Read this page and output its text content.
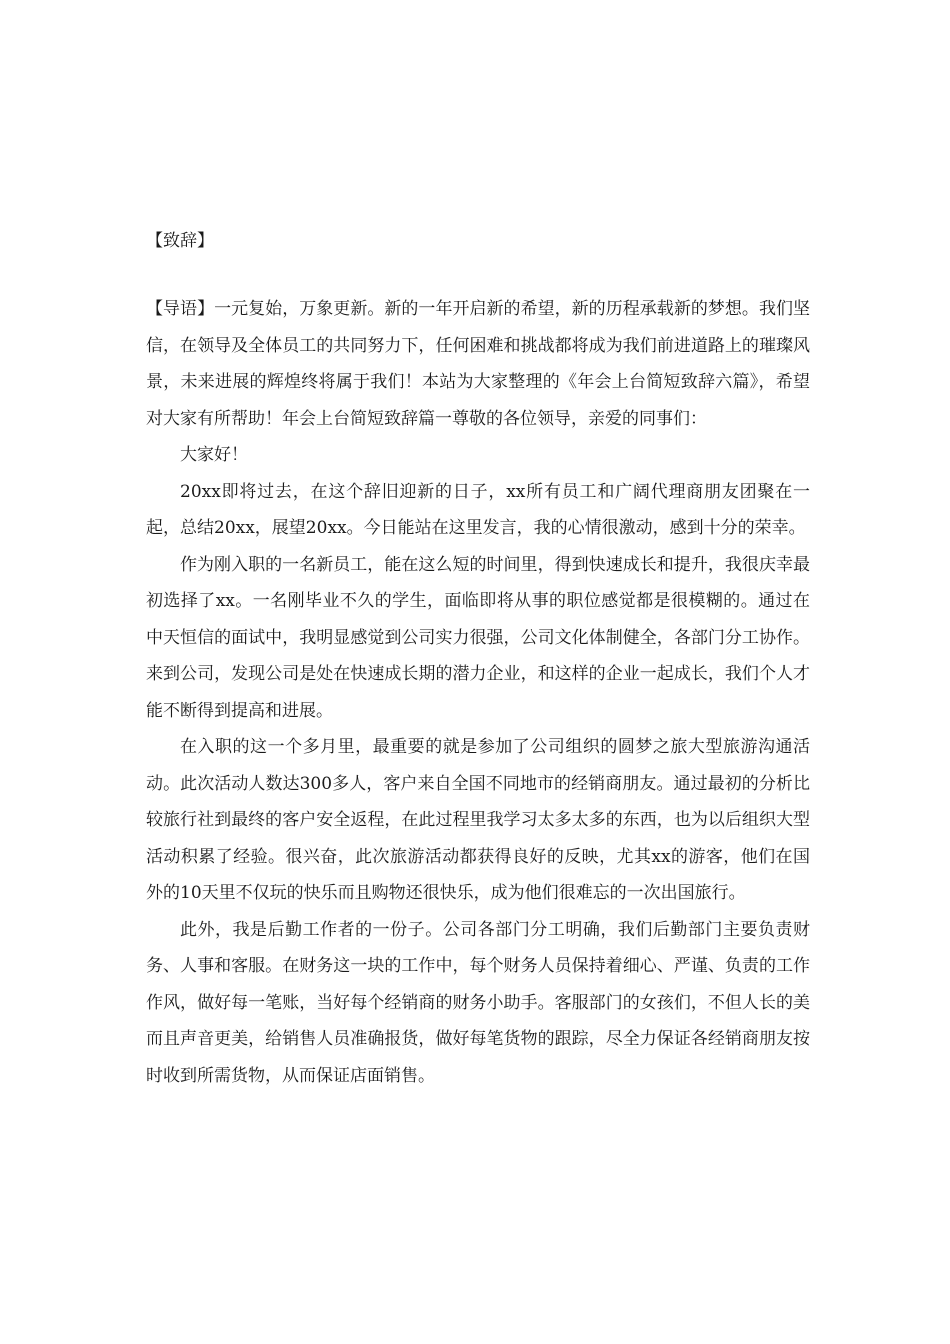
【致辞】

【导语】一元复始，万象更新。新的一年开启新的希望，新的历程承载新的梦想。我们坚信，在领导及全体员工的共同努力下，任何困难和挑战都将成为我们前进道路上的璀璨风景，未来进展的辉煌终将属于我们！本站为大家整理的《年会上台简短致辞六篇》，希望对大家有所帮助！年会上台简短致辞篇一尊敬的各位领导，亲爱的同事们：

大家好！

20xx即将过去，在这个辞旧迎新的日子，xx所有员工和广阔代理商朋友团聚在一起，总结20xx，展望20xx。今日能站在这里发言，我的心情很激动，感到十分的荣幸。

作为刚入职的一名新员工，能在这么短的时间里，得到快速成长和提升，我很庆幸最初选择了xx。一名刚毕业不久的学生，面临即将从事的职位感觉都是很模糊的。通过在中天恒信的面试中，我明显感觉到公司实力很强，公司文化体制健全，各部门分工协作。来到公司，发现公司是处在快速成长期的潜力企业，和这样的企业一起成长，我们个人才能不断得到提高和进展。

在入职的这一个多月里，最重要的就是参加了公司组织的圆梦之旅大型旅游沟通活动。此次活动人数达300多人，客户来自全国不同地市的经销商朋友。通过最初的分析比较旅行社到最终的客户安全返程，在此过程里我学习太多太多的东西，也为以后组织大型活动积累了经验。很兴奋，此次旅游活动都获得良好的反映，尤其xx的游客，他们在国外的10天里不仅玩的快乐而且购物还很快乐，成为他们很难忘的一次出国旅行。

此外，我是后勤工作者的一份子。公司各部门分工明确，我们后勤部门主要负责财务、人事和客服。在财务这一块的工作中，每个财务人员保持着细心、严谨、负责的工作作风，做好每一笔账，当好每个经销商的财务小助手。客服部门的女孩们，不但人长的美而且声音更美，给销售人员准确报货，做好每笔货物的跟踪，尽全力保证各经销商朋友按时收到所需货物，从而保证店面销售。
